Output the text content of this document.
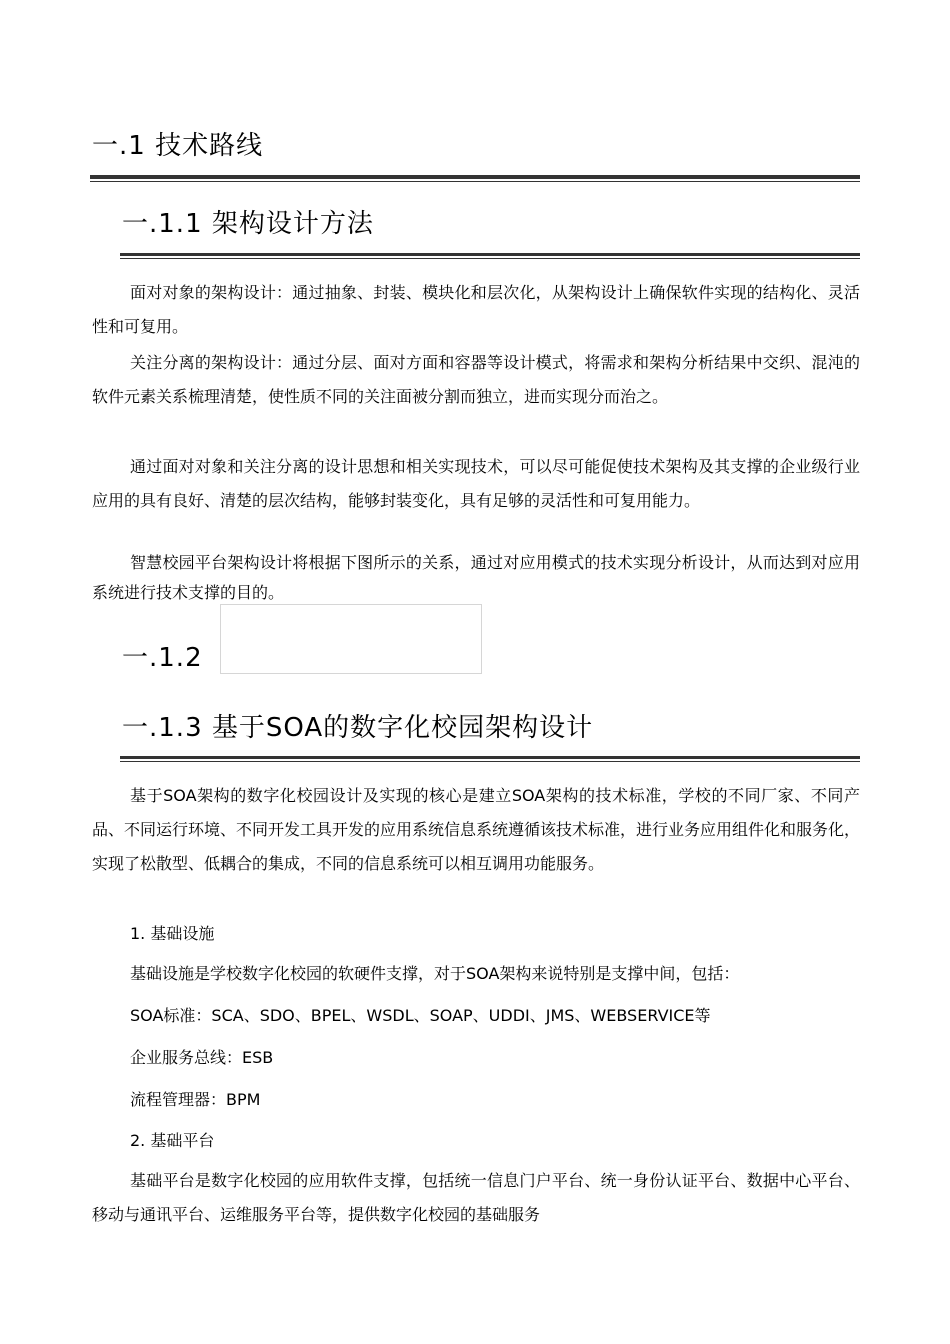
一.1 技术路线
一.1.1 架构设计方法

面对对象的架构设计：通过抽象、封装、模块化和层次化，从架构设计上确保软件实现的结构化、灵活性和可复用。

关注分离的架构设计：通过分层、面对方面和容器等设计模式，将需求和架构分析结果中交织、混沌的软件元素关系梳理清楚，使性质不同的关注面被分割而独立，进而实现分而治之。

通过面对对象和关注分离的设计思想和相关实现技术，可以尽可能促使技术架构及其支撑的企业级行业应用的具有良好、清楚的层次结构，能够封装变化，具有足够的灵活性和可复用能力。

智慧校园平台架构设计将根据下图所示的关系，通过对应用模式的技术实现分析设计，从而达到对应用系统进行技术支撑的目的。

一.1.2
一.1.3 基于SOA的数字化校园架构设计

基于SOA架构的数字化校园设计及实现的核心是建立SOA架构的技术标准，学校的不同厂家、不同产品、不同运行环境、不同开发工具开发的应用系统信息系统遵循该技术标准，进行业务应用组件化和服务化，实现了松散型、低耦合的集成，不同的信息系统可以相互调用功能服务。

1. 基础设施
基础设施是学校数字化校园的软硬件支撑，对于SOA架构来说特别是支撑中间，包括：
SOA标准：SCA、SDO、BPEL、WSDL、SOAP、UDDI、JMS、WEBSERVICE等
企业服务总线：ESB
流程管理器：BPM
2. 基础平台

基础平台是数字化校园的应用软件支撑，包括统一信息门户平台、统一身份认证平台、数据中心平台、移动与通讯平台、运维服务平台等，提供数字化校园的基础服务
